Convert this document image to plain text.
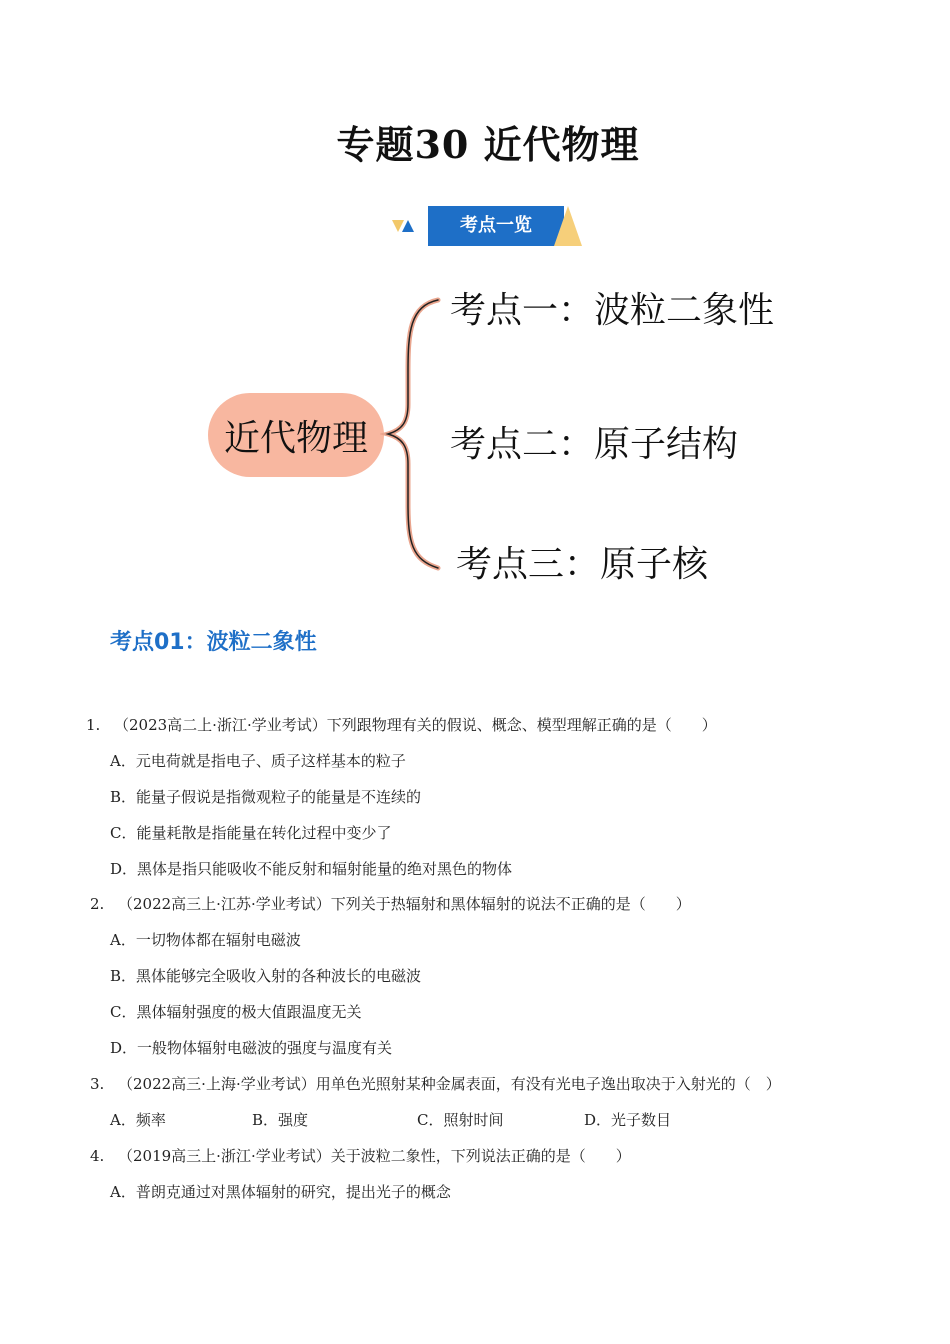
专题30 近代物理
考点一览
近代物理
考点一：波粒二象性
考点二：原子结构
考点三：原子核
考点01：波粒二象性
1. （2023高二上·浙江·学业考试）下列跟物理有关的假说、概念、模型理解正确的是（　　）
A．元电荷就是指电子、质子这样基本的粒子
B．能量子假说是指微观粒子的能量是不连续的
C．能量耗散是指能量在转化过程中变少了
D．黑体是指只能吸收不能反射和辐射能量的绝对黑色的物体
2. （2022高三上·江苏·学业考试）下列关于热辐射和黑体辐射的说法不正确的是（　　）
A．一切物体都在辐射电磁波
B．黑体能够完全吸收入射的各种波长的电磁波
C．黑体辐射强度的极大值跟温度无关
D．一般物体辐射电磁波的强度与温度有关
3. （2022高三·上海·学业考试）用单色光照射某种金属表面，有没有光电子逸出取决于入射光的（　）
A．频率	B．强度	C．照射时间	D．光子数目
4. （2019高三上·浙江·学业考试）关于波粒二象性，下列说法正确的是（　　）
A．普朗克通过对黑体辐射的研究，提出光子的概念
